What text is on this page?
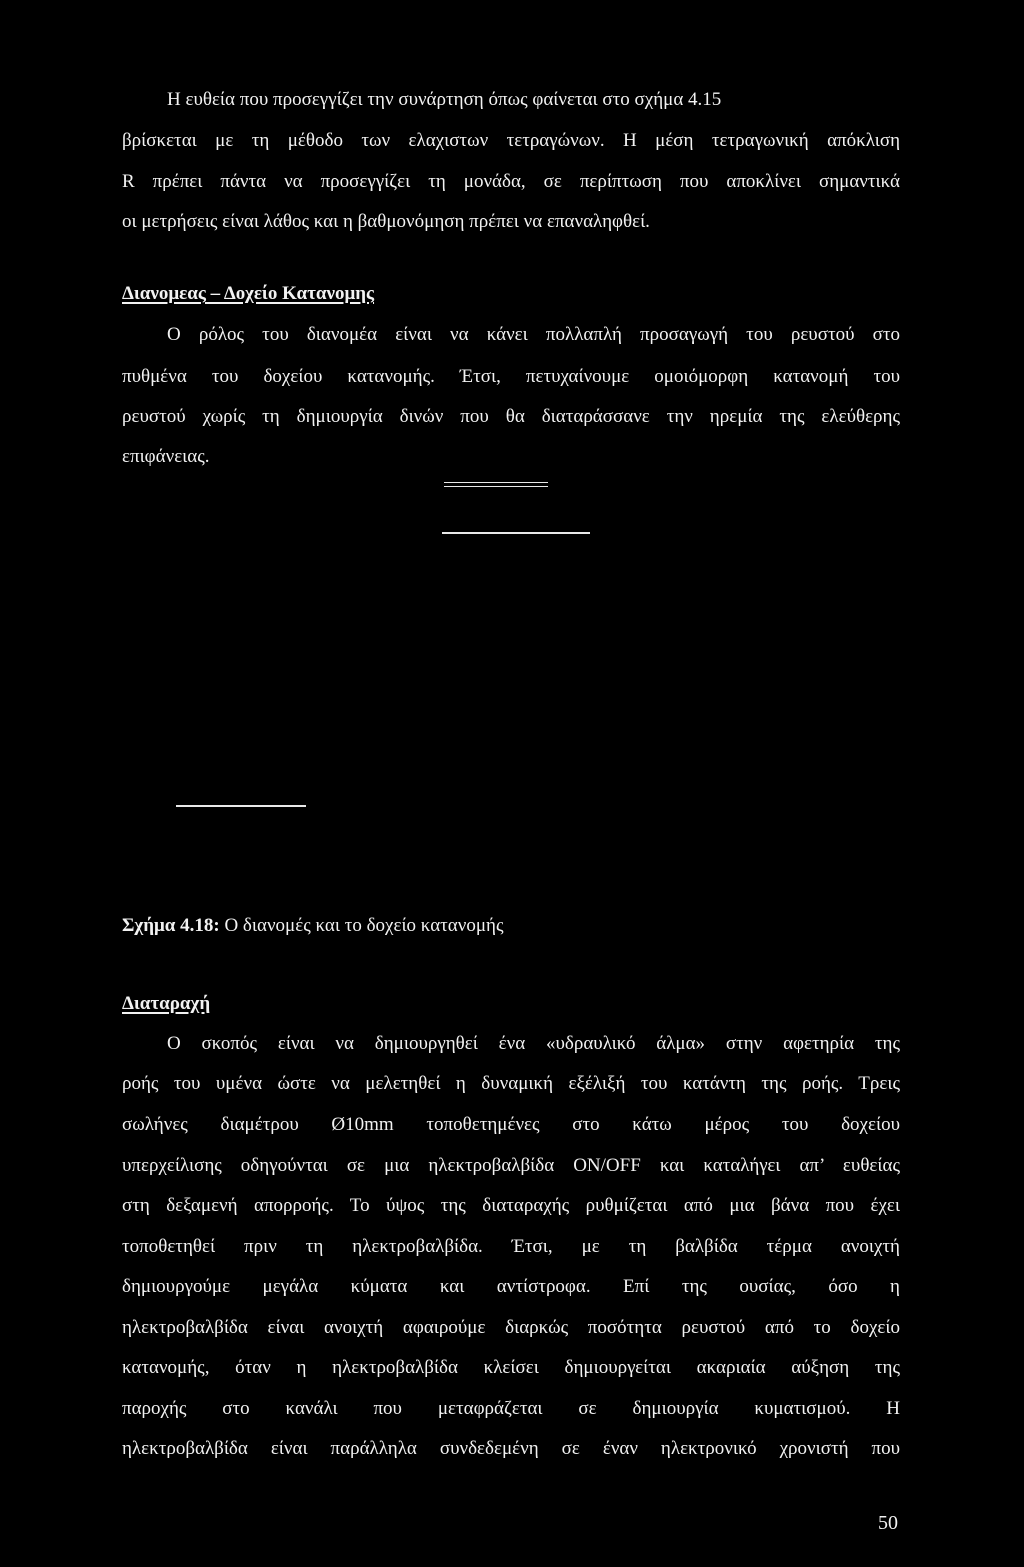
Η ευθεία που προσεγγίζει την συνάρτηση όπως φαίνεται στο σχήμα 4.15
βρίσκεται με τη μέθοδο των ελαχιστων τετραγώνων. Η μέση τετραγωνική απόκλιση
R πρέπει πάντα να προσεγγίζει τη μονάδα, σε περίπτωση που αποκλίνει σημαντικά
οι μετρήσεις είναι λάθος και η βαθμονόμηση πρέπει να επαναληφθεί.
Διανομεας – Δοχείο Κατανομης
Ο ρόλος του διανομέα είναι να κάνει πολλαπλή προσαγωγή του ρευστού στο
πυθμένα του δοχείου κατανομής. Έτσι, πετυχαίνουμε ομοιόμορφη κατανομή του
ρευστού χωρίς τη δημιουργία δινών που θα διαταράσσανε την ηρεμία της ελεύθερης
επιφάνειας.
Σχήμα 4.18: Ο διανομές και το δοχείο κατανομής
Διαταραχή
Ο σκοπός είναι να δημιουργηθεί ένα «υδραυλικό άλμα» στην αφετηρία της
ροής του υμένα ώστε να μελετηθεί η δυναμική εξέλιξή του κατάντη της ροής. Τρεις
σωλήνες διαμέτρου Ø10mm τοποθετημένες στο κάτω μέρος του δοχείου
υπερχείλισης οδηγούνται σε μια ηλεκτροβαλβίδα ON/OFF και καταλήγει απ’ ευθείας
στη δεξαμενή απορροής. Το ύψος της διαταραχής ρυθμίζεται από μια βάνα που έχει
τοποθετηθεί πριν τη ηλεκτροβαλβίδα. Έτσι, με τη βαλβίδα τέρμα ανοιχτή
δημιουργούμε μεγάλα κύματα και αντίστροφα. Επί της ουσίας, όσο η
ηλεκτροβαλβίδα είναι ανοιχτή αφαιρούμε διαρκώς ποσότητα ρευστού από το δοχείο
κατανομής, όταν η ηλεκτροβαλβίδα κλείσει δημιουργείται ακαριαία αύξηση της
παροχής στο κανάλι που μεταφράζεται σε δημιουργία κυματισμού. Η
ηλεκτροβαλβίδα είναι παράλληλα συνδεδεμένη σε έναν ηλεκτρονικό χρονιστή που
50
